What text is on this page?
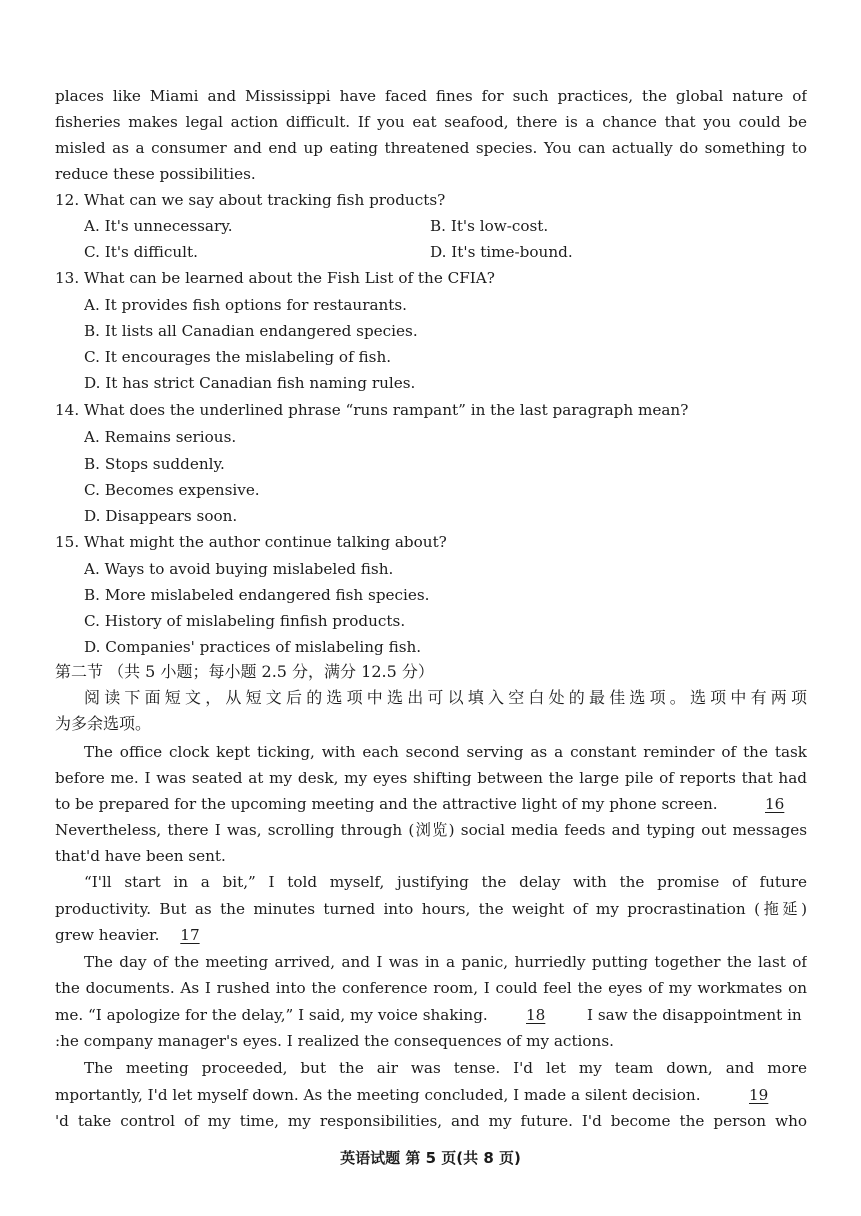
places like Miami and Mississippi have faced fines for such practices, the global nature of
fisheries makes legal action difficult. If you eat seafood, there is a chance that you could be
misled as a consumer and end up eating threatened species. You can actually do something to
reduce these possibilities.
12. What can we say about tracking fish products?
A. It's unnecessary.	B. It's low-cost.
C. It's difficult.	D. It's time-bound.
13. What can be learned about the Fish List of the CFIA?
A. It provides fish options for restaurants.
B. It lists all Canadian endangered species.
C. It encourages the mislabeling of fish.
D. It has strict Canadian fish naming rules.
14. What does the underlined phrase “runs rampant” in the last paragraph mean?
A. Remains serious.
B. Stops suddenly.
C. Becomes expensive.
D. Disappears soon.
15. What might the author continue talking about?
A. Ways to avoid buying mislabeled fish.
B. More mislabeled endangered fish species.
C. History of mislabeling finfish products.
D. Companies' practices of mislabeling fish.
第二节 （共 5 小题；每小题 2.5 分，满分 12.5 分）
阅读下面短文，从短文后的选项中选出可以填入空白处的最佳选项。选项中有两项
为多余选项。
The office clock kept ticking, with each second serving as a constant reminder of the task
before me. I was seated at my desk, my eyes shifting between the large pile of reports that had
to be prepared for the upcoming meeting and the attractive light of my phone screen.	16
Nevertheless, there I was, scrolling through (浏览) social media feeds and typing out messages
that'd have been sent.
“I'll start in a bit,” I told myself, justifying the delay with the promise of future
productivity. But as the minutes turned into hours, the weight of my procrastination (拖延)
grew heavier. 17
The day of the meeting arrived, and I was in a panic, hurriedly putting together the last of
the documents. As I rushed into the conference room, I could feel the eyes of my workmates on
me. “I apologize for the delay,” I said, my voice shaking.	18	I saw the disappointment in
:he company manager's eyes. I realized the consequences of my actions.
The meeting proceeded, but the air was tense. I'd let my team down, and more
mportantly, I'd let myself down. As the meeting concluded, I made a silent decision.	19
'd take control of my time, my responsibilities, and my future. I'd become the person who
英语试题 第 5 页(共 8 页)
